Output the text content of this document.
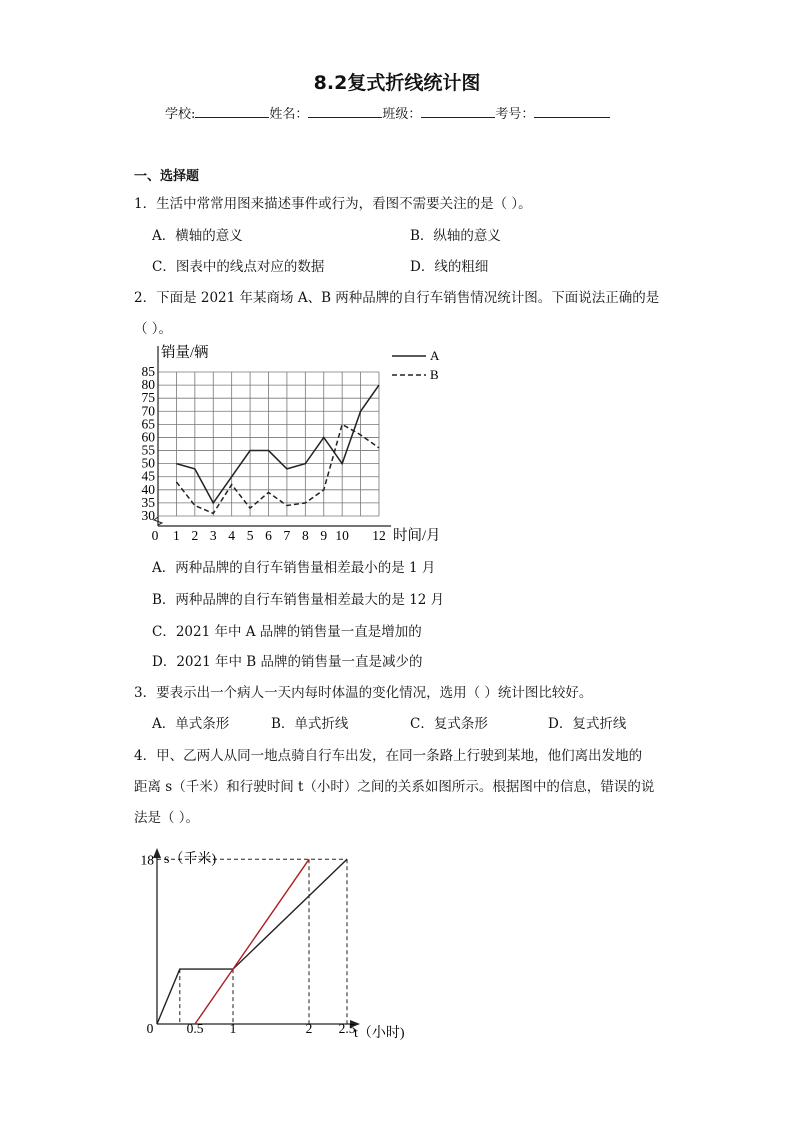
8.2复式折线统计图
学校:	姓名：	班级：	考号：
一、选择题
1．生活中常常用图来描述事件或行为，看图不需要关注的是（ ）。
A．横轴的意义	B．纵轴的意义
C．图表中的线点对应的数据	D．线的粗细
2．下面是 2021 年某商场 A、B 两种品牌的自行车销售情况统计图。下面说法正确的是
（ ）。
A
B
30
35
40
45
50
55
60
65
70
75
80
85
0 1 2 3 4 5 6 7 8 9 10 12
销量/辆
时间/月
A．两种品牌的自行车销售量相差最小的是 1 月
B．两种品牌的自行车销售量相差最大的是 12 月
C．2021 年中 A 品牌的销售量一直是增加的
D．2021 年中 B 品牌的销售量一直是减少的
3．要表示出一个病人一天内每时体温的变化情况，选用（ ）统计图比较好。
A．单式条形	B．单式折线	C．复式条形	D．复式折线
4．甲、乙两人从同一地点骑自行车出发，在同一条路上行驶到某地，他们离出发地的
距离 s（千米）和行驶时间 t（小时）之间的关系如图所示。根据图中的信息，错误的说
法是（ ）。
0 0.5 1	2 2.5
18 s（千米)
t（小时)
